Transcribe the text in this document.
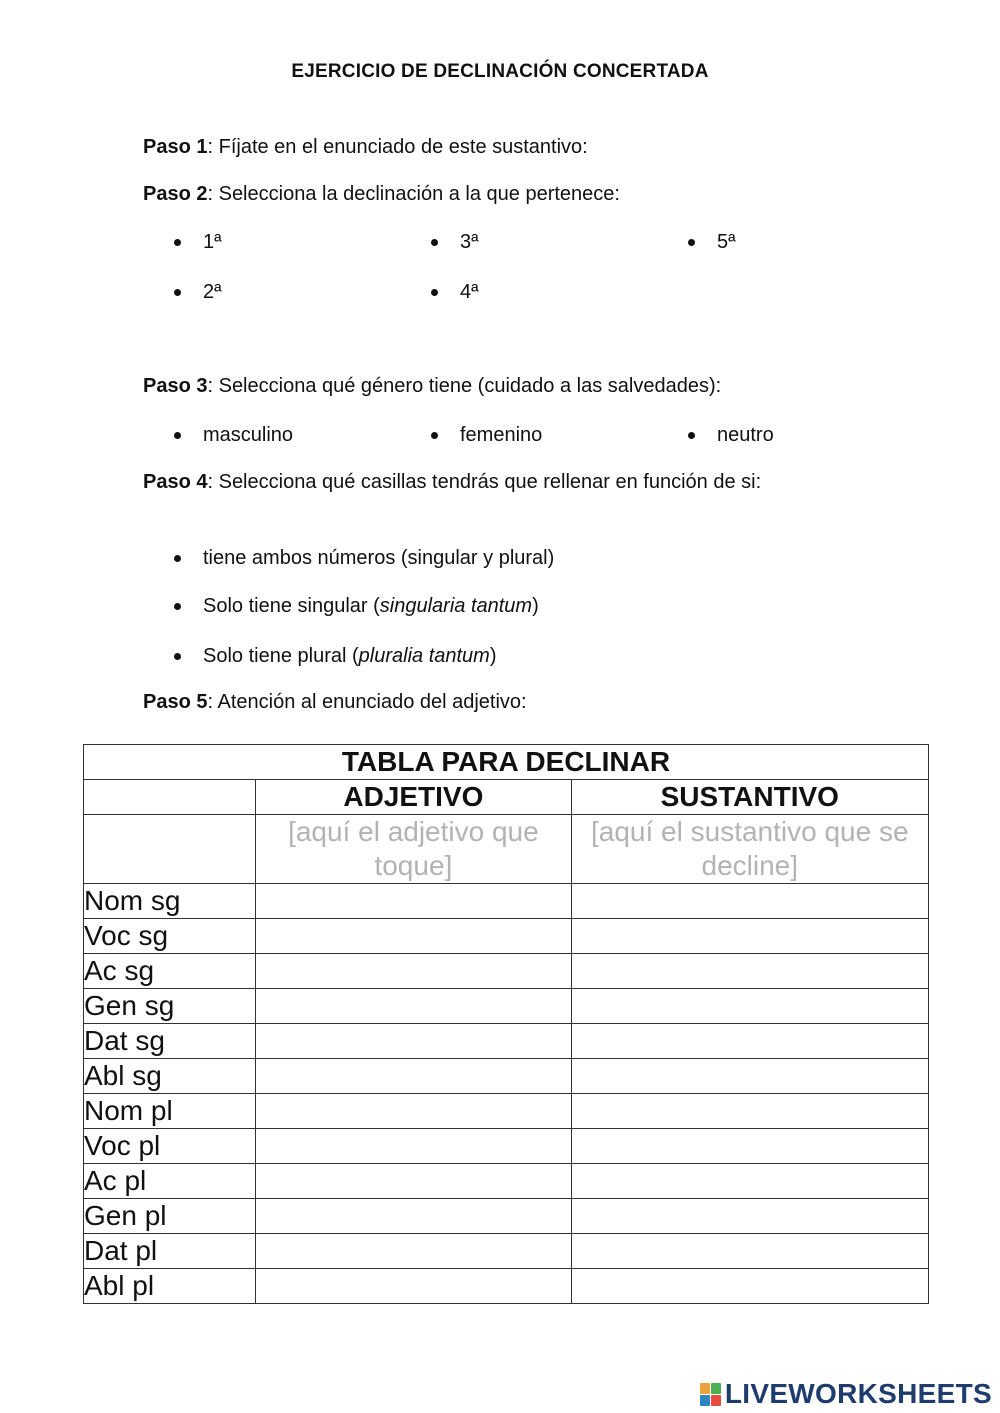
EJERCICIO DE DECLINACIÓN CONCERTADA
Paso 1: Fíjate en el enunciado de este sustantivo:
Paso 2: Selecciona la declinación a la que pertenece:
1ª	3ª	5ª
2ª	4ª
Paso 3: Selecciona qué género tiene (cuidado a las salvedades):
masculino	femenino	neutro
Paso 4: Selecciona qué casillas tendrás que rellenar en función de si:
tiene ambos números (singular y plural)
Solo tiene singular (singularia tantum)
Solo tiene plural (pluralia tantum)
Paso 5: Atención al enunciado del adjetivo:
TABLA PARA DECLINAR		
	ADJETIVO	SUSTANTIVO
	[aquí el adjetivo que toque]	[aquí el sustantivo que se decline]
Nom sg		
Voc sg		
Ac sg		
Gen sg		
Dat sg		
Abl sg		
Nom pl		
Voc pl		
Ac pl		
Gen pl		
Dat pl		
Abl pl		
LIVEWORKSHEETS
